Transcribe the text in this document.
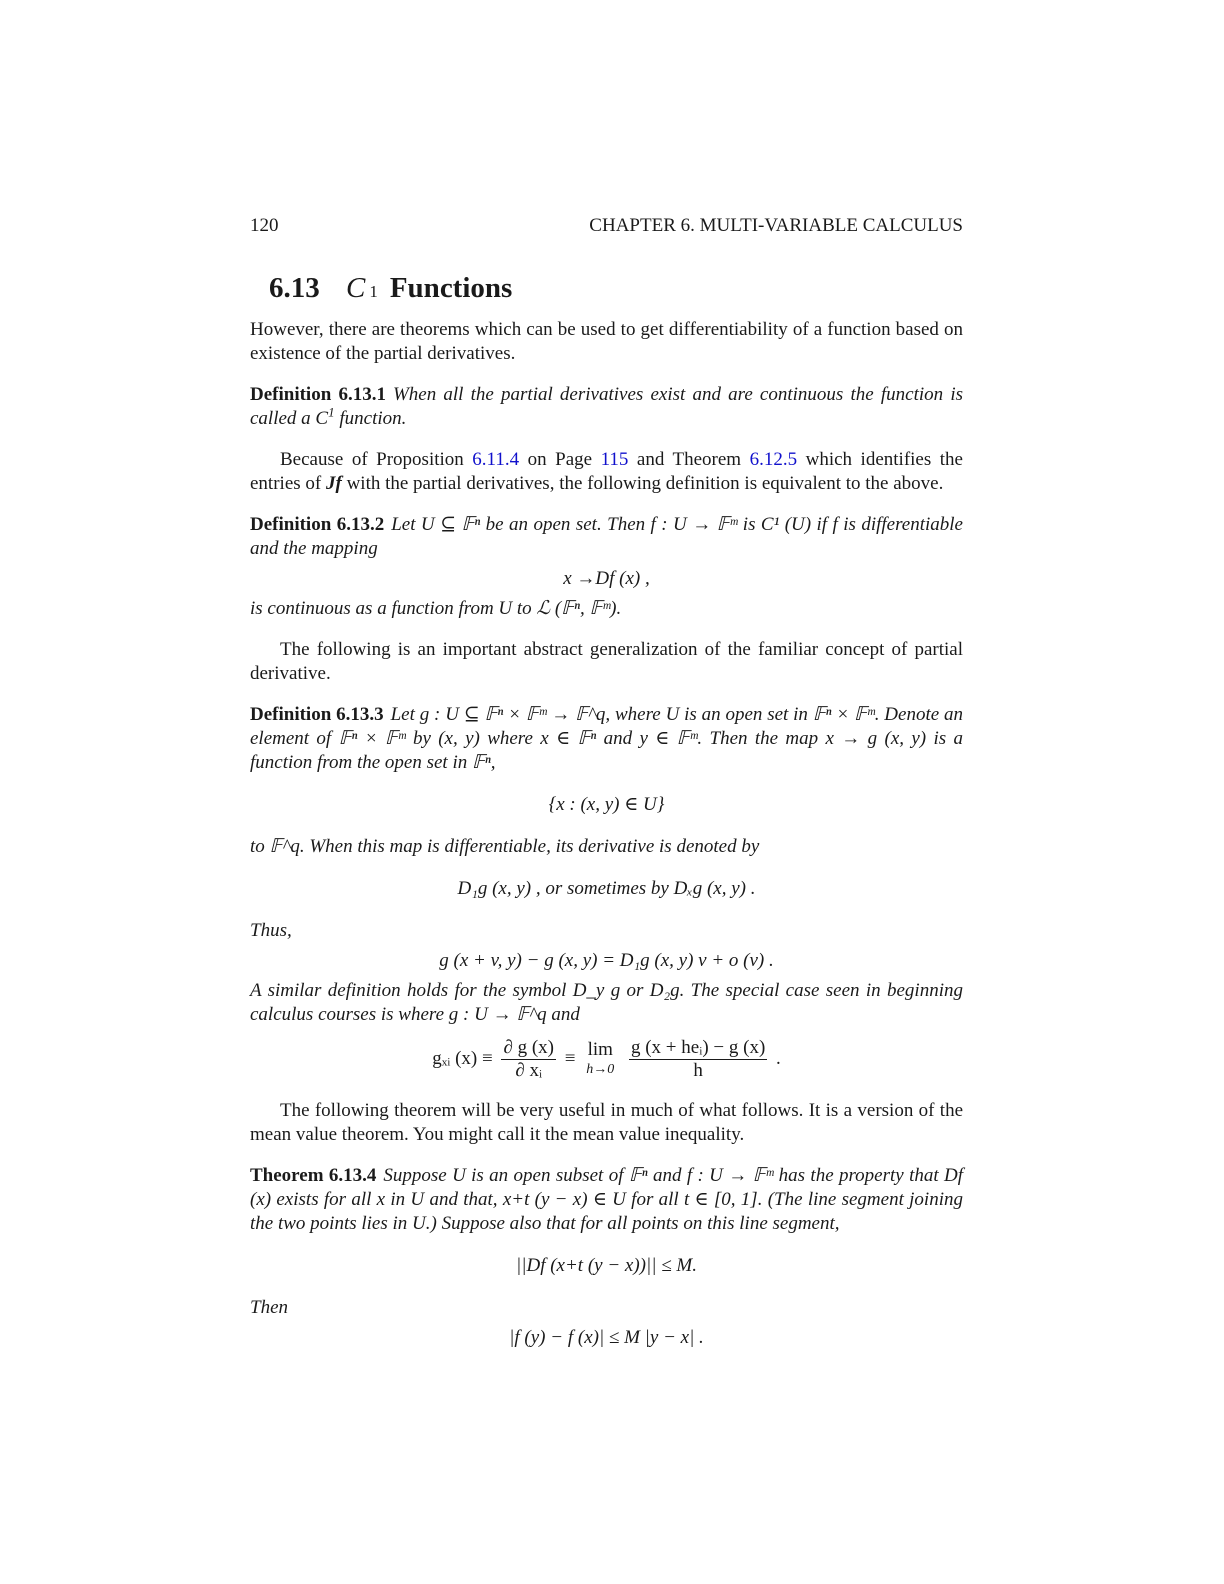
120	CHAPTER 6. MULTI-VARIABLE CALCULUS
6.13 C 1 Functions

However, there are theorems which can be used to get differentiability of a function based on existence of the partial derivatives.

Definition 6.13.1 When all the partial derivatives exist and are continuous the function is called a $C^1$ function.
Because of Proposition 6.11.4 on Page 115 and Theorem 6.12.5 which identifies the entries of Jf with the partial derivatives, the following definition is equivalent to the above.
Definition 6.13.2 Let U ⊆ 𝔽ⁿ be an open set. Then f : U → 𝔽ᵐ is C¹ (U) if f is differentiable and the mapping
x →Df (x) ,
is continuous as a function from U to ℒ (𝔽ⁿ, 𝔽ᵐ).
The following is an important abstract generalization of the familiar concept of partial derivative.
Definition 6.13.3 Let g : U ⊆ 𝔽ⁿ × 𝔽ᵐ → 𝔽^q, where U is an open set in 𝔽ⁿ × 𝔽ᵐ. Denote an element of 𝔽ⁿ × 𝔽ᵐ by (x, y) where x ∈ 𝔽ⁿ and y ∈ 𝔽ᵐ. Then the map x → g (x, y) is a function from the open set in 𝔽ⁿ,
{x : (x, y) ∈ U}
to 𝔽^q. When this map is differentiable, its derivative is denoted by
D₁g (x, y) , or sometimes by Dₓg (x, y) .
Thus,
g (x + v, y) − g (x, y) = D₁g (x, y) v + o (v) .
A similar definition holds for the symbol D_y g or D₂g. The special case seen in beginning calculus courses is where g : U → 𝔽^q and
gₓᵢ $(x) \equiv \frac{\partial g (x)}{\text{∂ xᵢ}} \equiv \lim$
h→0
$\frac{\text{g (x + heᵢ) − g (x)}}{h}$ .
The following theorem will be very useful in much of what follows. It is a version of the mean value theorem. You might call it the mean value inequality.
Theorem 6.13.4 Suppose U is an open subset of 𝔽ⁿ and f : U → 𝔽ᵐ has the property that Df (x) exists for all x in U and that, x+t (y − x) ∈ U for all t ∈ [0, 1]. (The line segment joining the two points lies in U.) Suppose also that for all points on this line segment,
||Df (x+t (y − x))|| ≤ M.
Then
|f (y) − f (x)| ≤ M |y − x| .
